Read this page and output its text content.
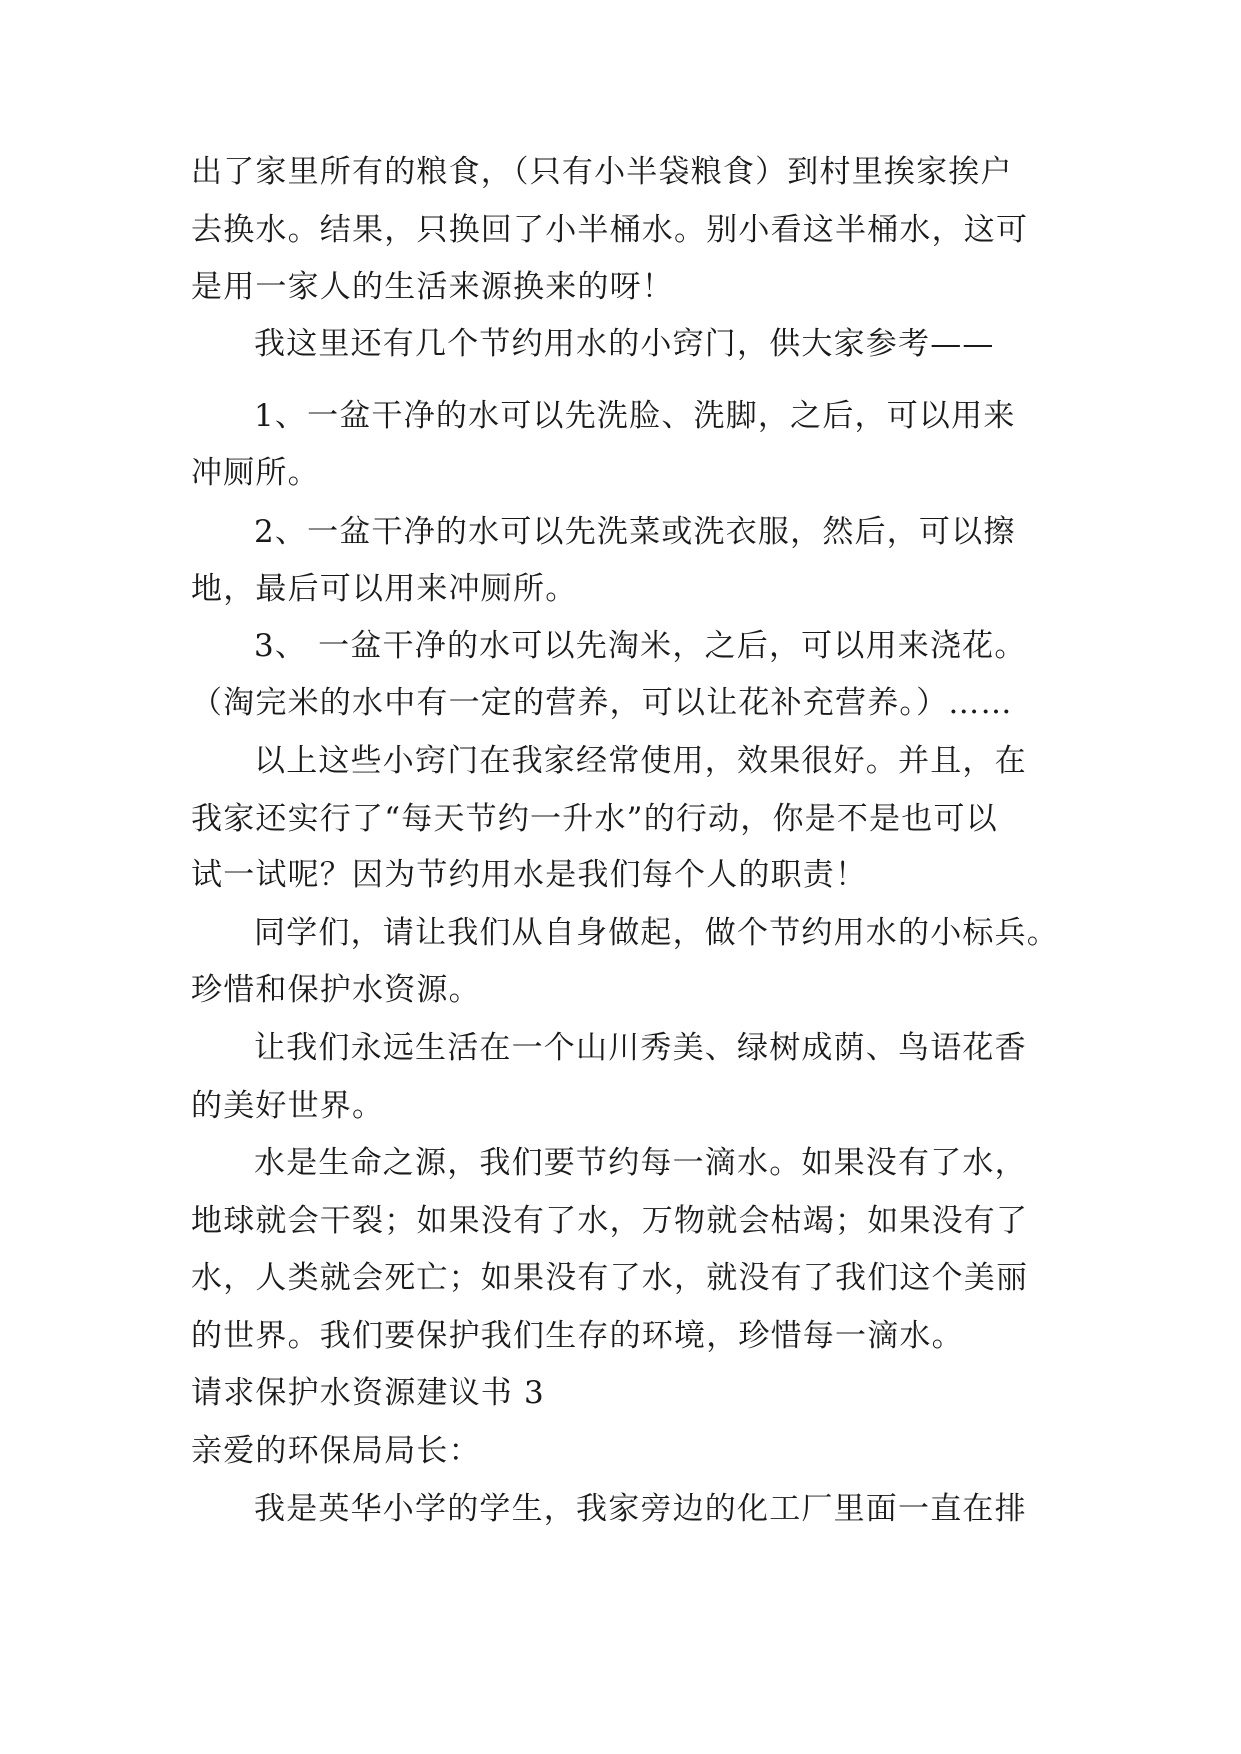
出了家里所有的粮食，（只有小半袋粮食）到村里挨家挨户
去换水。结果，只换回了小半桶水。别小看这半桶水，这可
是用一家人的生活来源换来的呀！
我这里还有几个节约用水的小窍门，供大家参考——
1、一盆干净的水可以先洗脸、洗脚，之后，可以用来
冲厕所。
2、一盆干净的水可以先洗菜或洗衣服，然后，可以擦
地，最后可以用来冲厕所。
3、 一盆干净的水可以先淘米，之后，可以用来浇花。
（淘完米的水中有一定的营养，可以让花补充营养。）……
以上这些小窍门在我家经常使用，效果很好。并且，在
我家还实行了“每天节约一升水”的行动，你是不是也可以
试一试呢？因为节约用水是我们每个人的职责！
同学们，请让我们从自身做起，做个节约用水的小标兵。
珍惜和保护水资源。
让我们永远生活在一个山川秀美、绿树成荫、鸟语花香
的美好世界。
水是生命之源，我们要节约每一滴水。如果没有了水，
地球就会干裂；如果没有了水，万物就会枯竭；如果没有了
水，人类就会死亡；如果没有了水，就没有了我们这个美丽
的世界。我们要保护我们生存的环境，珍惜每一滴水。
请求保护水资源建议书 3
亲爱的环保局局长：
我是英华小学的学生，我家旁边的化工厂里面一直在排
